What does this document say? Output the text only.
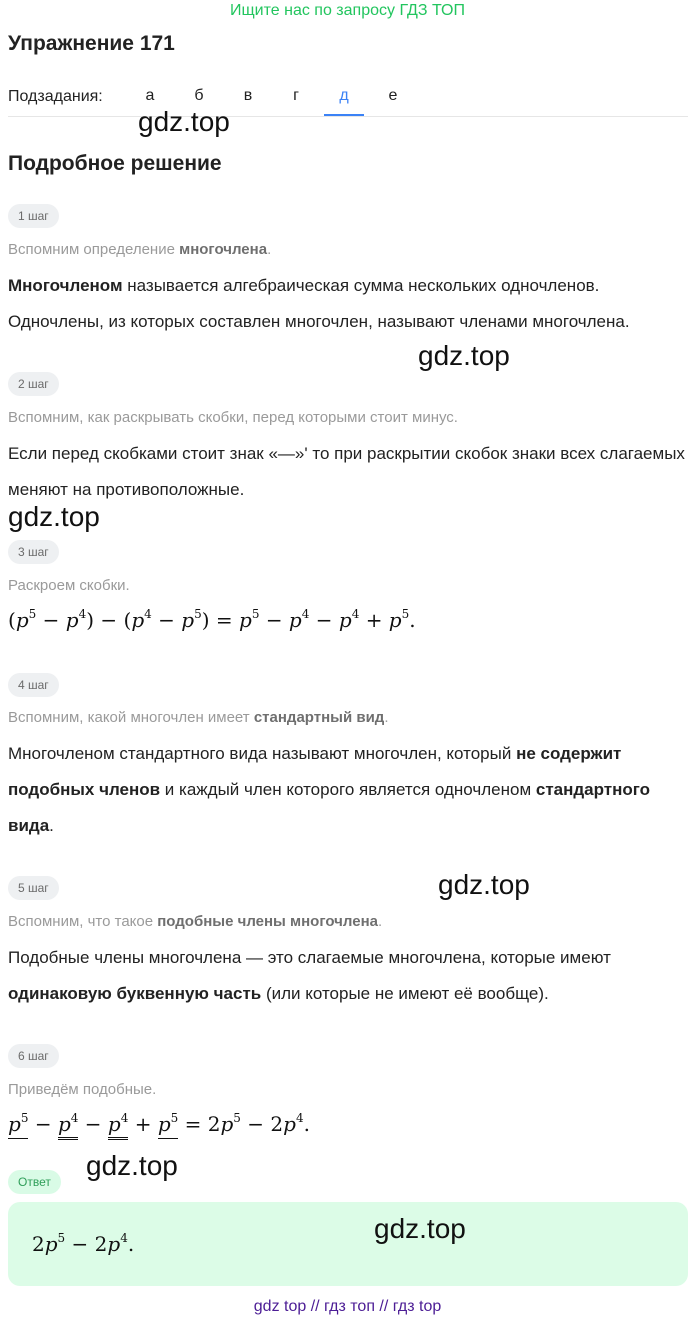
Ищите нас по запросу ГДЗ ТОП
Упражнение 171
Подзадания:	а	б	в	г	д	е
gdz.top
Подробное решение
1 шаг
Вспомним определение многочлена.
Многочленом называется алгебраическая сумма нескольких одночленов.
Одночлены, из которых составлен многочлен, называют членами многочлена.
gdz.top
2 шаг
Вспомним, как раскрывать скобки, перед которыми стоит минус.
Если перед скобками стоит знак «—»' то при раскрытии скобок знаки всех слагаемых меняют на противоположные.
gdz.top
3 шаг
Раскроем скобки.
$(p^5 - p^4) - (p^4 - p^5) = p^5 - p^4 - p^4 + p^5$.
4 шаг
Вспомним, какой многочлен имеет стандартный вид.
Многочленом стандартного вида называют многочлен, который не содержит подобных членов и каждый член которого является одночленом стандартного вида.
gdz.top
5 шаг
Вспомним, что такое подобные члены многочлена.
Подобные члены многочлена — это слагаемые многочлена, которые имеют одинаковую буквенную часть (или которые не имеют её вообще).
6 шаг
Приведём подобные.
$p^5 - p^4 - p^4 + p^5 = 2p^5 - 2p^4$.
gdz.top
Ответ
$2p^5 - 2p^4$.	gdz.top
gdz top // гдз топ // гдз top
